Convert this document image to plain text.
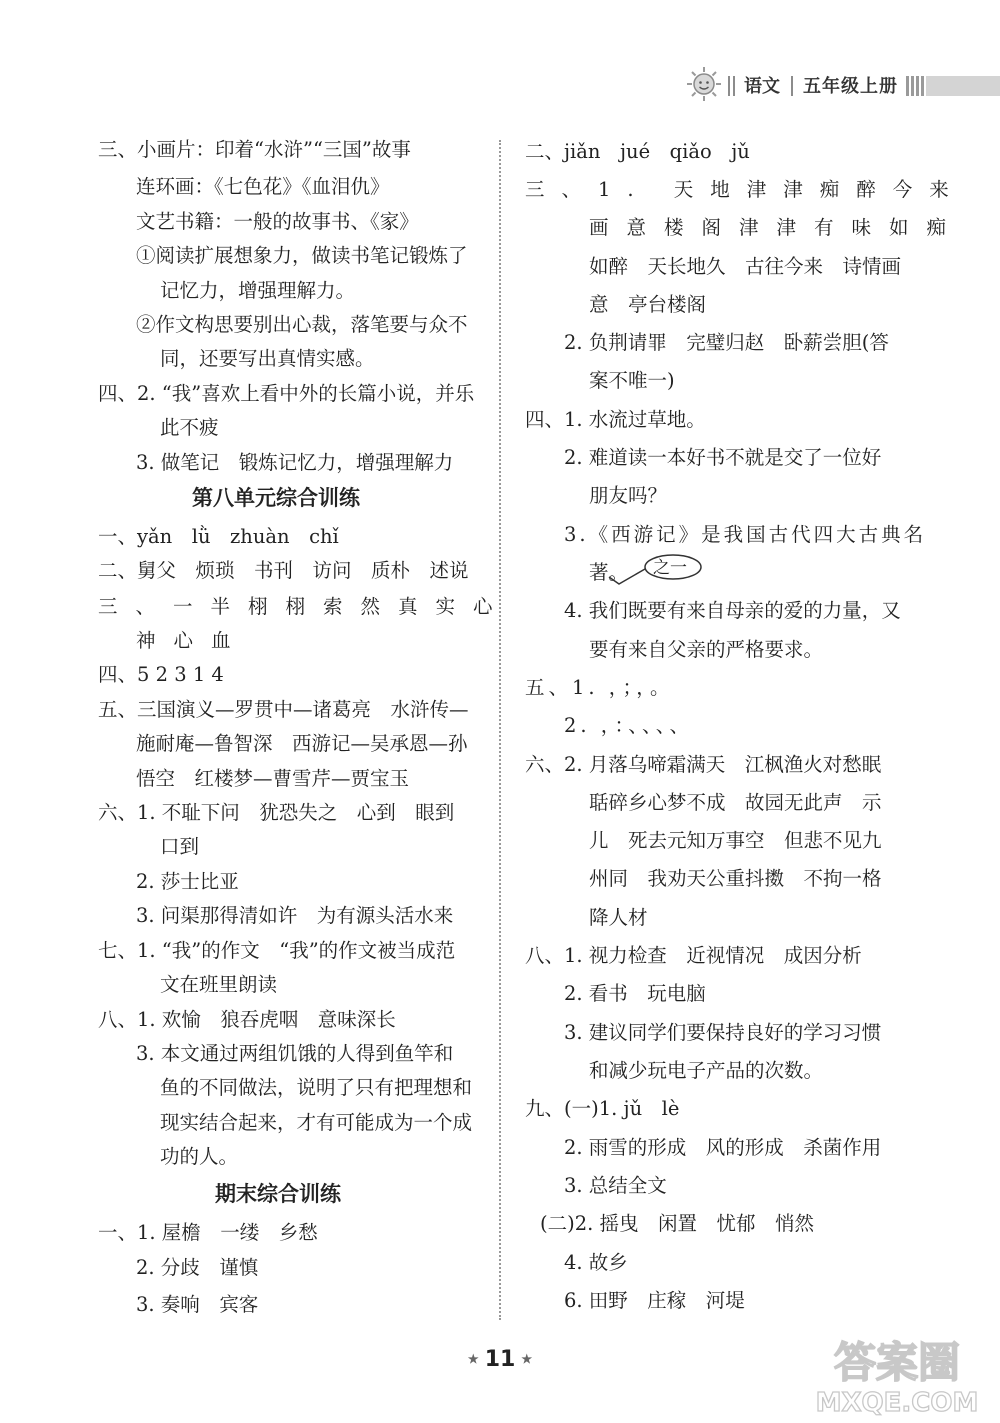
语文 五年级上册
三、小画片：印着“水浒”“三国”故事
连环画：《七色花》《血泪仇》
文艺书籍：一般的故事书、《家》
①阅读扩展想象力，做读书笔记锻炼了
记忆力，增强理解力。
②作文构思要别出心裁，落笔要与众不
同，还要写出真情实感。
四、2. “我”喜欢上看中外的长篇小说，并乐
此不疲
3. 做笔记　锻炼记忆力，增强理解力
第八单元综合训练
一、yǎn　lǜ　zhuàn　chǐ
二、舅父　烦琐　书刊　访问　质朴　述说
三、一半栩栩索然真实心
神心血
四、5 2 3 1 4
五、三国演义—罗贯中—诸葛亮　水浒传—
施耐庵—鲁智深　西游记—吴承恩—孙
悟空　红楼梦—曹雪芹—贾宝玉
六、1. 不耻下问　犹恐失之　心到　眼到
口到
2. 莎士比亚
3. 问渠那得清如许　为有源头活水来
七、1. “我”的作文　“我”的作文被当成范
文在班里朗读
八、1. 欢愉　狼吞虎咽　意味深长
3. 本文通过两组饥饿的人得到鱼竿和
鱼的不同做法，说明了只有把理想和
现实结合起来，才有可能成为一个成
功的人。
期末综合训练
一、1. 屋檐　一缕　乡愁
2. 分歧　谨慎
3. 奏响　宾客
二、jiǎn　jué　qiǎo　jǔ
三、1. 天地津津痴醉今来
画意楼阁津津有味如痴
如醉　天长地久　古往今来　诗情画
意　亭台楼阁
2. 负荆请罪　完璧归赵　卧薪尝胆(答
案不唯一)
四、1. 水流过草地。
2. 难道读一本好书不就是交了一位好
朋友吗？
3.《西游记》是我国古代四大古典名
著。 之一
4. 我们既要有来自母亲的爱的力量，又
要有来自父亲的严格要求。
五、1. ，；，。
2. ，：、、、、
六、2. 月落乌啼霜满天　江枫渔火对愁眠
聒碎乡心梦不成　故园无此声　示
儿　死去元知万事空　但悲不见九
州同　我劝天公重抖擞　不拘一格
降人材
八、1. 视力检查　近视情况　成因分析
2. 看书　玩电脑
3. 建议同学们要保持良好的学习习惯
和减少玩电子产品的次数。
九、(一)1. jǔ　lè
2. 雨雪的形成　风的形成　杀菌作用
3. 总结全文
(二)2. 摇曳　闲置　忧郁　悄然
4. 故乡
6. 田野　庄稼　河堤
★ 11 ★	答案圈
MXQE.COM
